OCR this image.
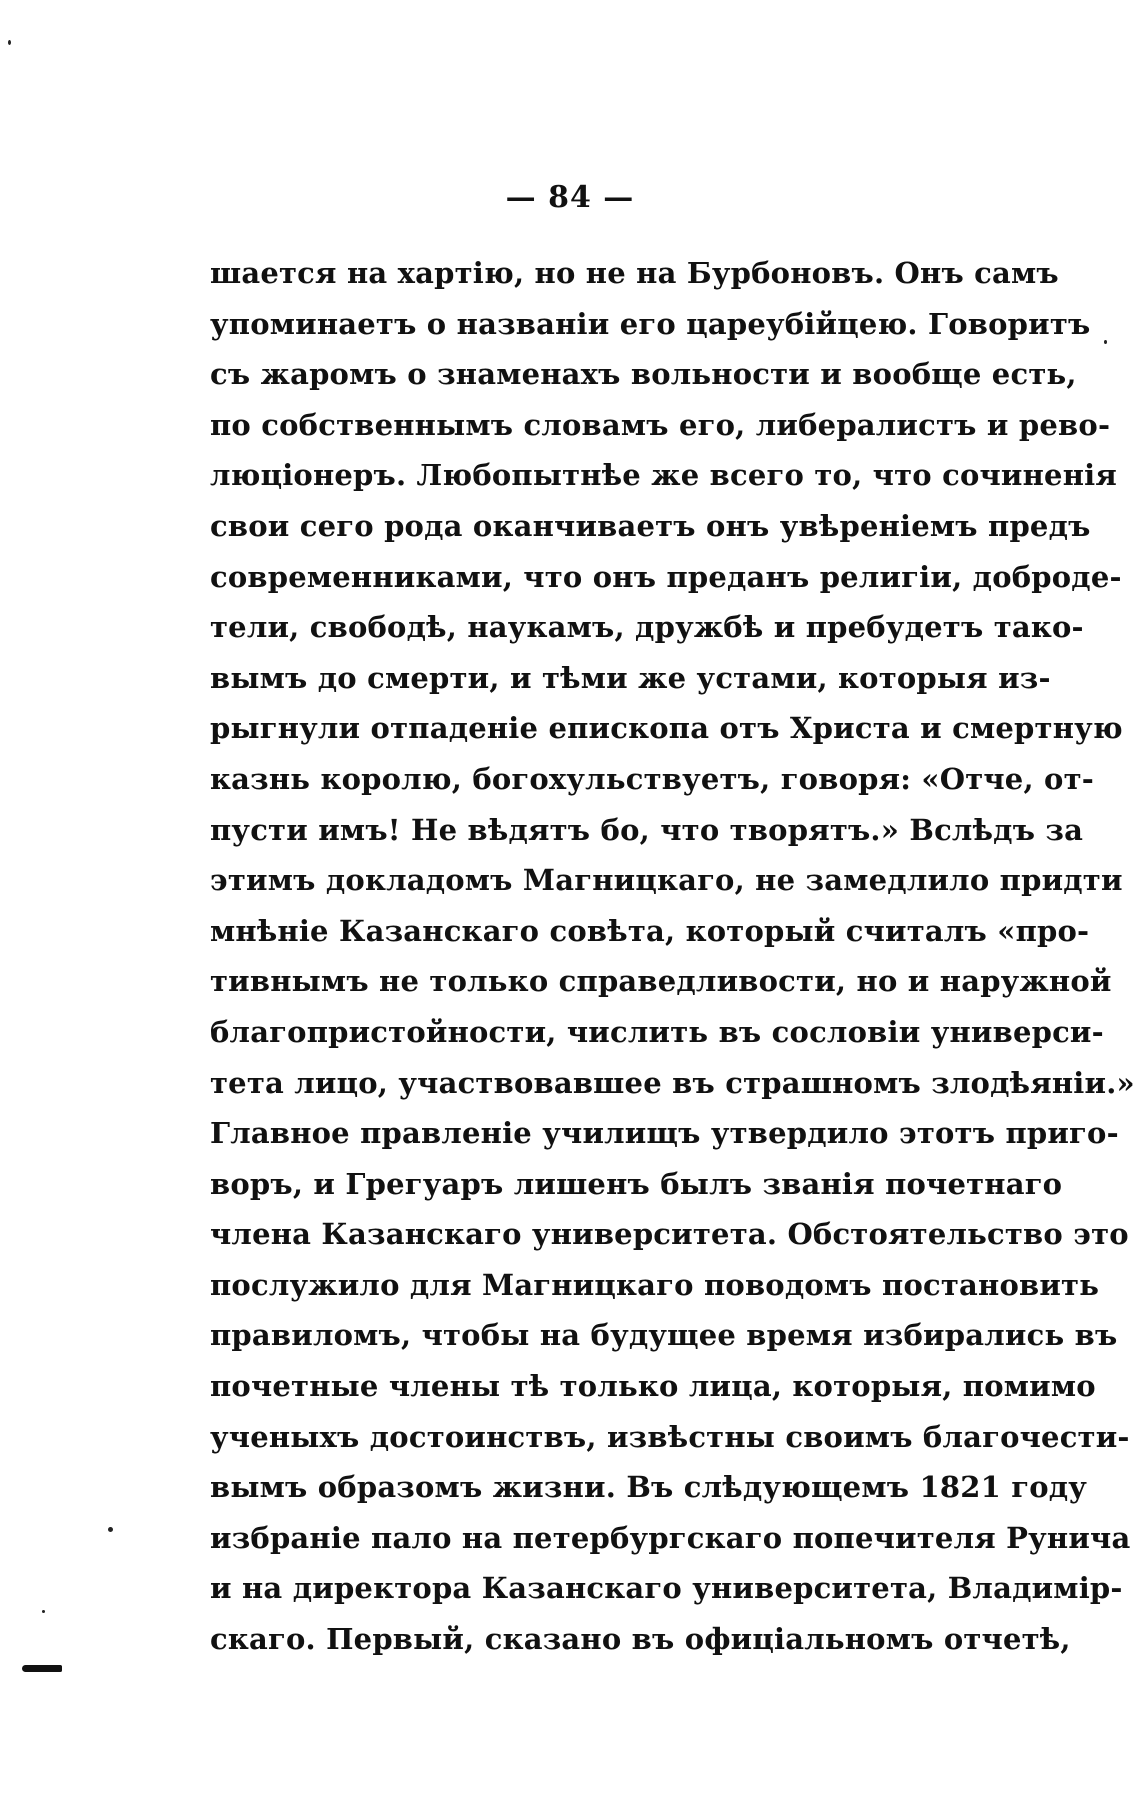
— 84 —
шается на хартію, но не на Бурбоновъ. Онъ самъ
упоминаетъ о названіи его цареубійцею. Говоритъ
съ жаромъ о знаменахъ вольности и вообще есть,
по собственнымъ словамъ его, либералистъ и рево-
люціонеръ. Любопытнѣе же всего то, что сочиненія
свои сего рода оканчиваетъ онъ увѣреніемъ предъ
современниками, что онъ преданъ религіи, доброде-
тели, свободѣ, наукамъ, дружбѣ и пребудетъ тако-
вымъ до смерти, и тѣми же устами, которыя из-
рыгнули отпаденіе епископа отъ Христа и смертную
казнь королю, богохульствуетъ, говоря: «Отче, от-
пусти имъ! Не вѣдятъ бо, что творятъ.» Вслѣдъ за
этимъ докладомъ Магницкаго, не замедлило придти
мнѣніе Казанскаго совѣта, который считалъ «про-
тивнымъ не только справедливости, но и наружной
благопристойности, числить въ сословіи универси-
тета лицо, участвовавшее въ страшномъ злодѣяніи.»
Главное правленіе училищъ утвердило этотъ приго-
воръ, и Грегуаръ лишенъ былъ званія почетнаго
члена Казанскаго университета. Обстоятельство это
послужило для Магницкаго поводомъ постановить
правиломъ, чтобы на будущее время избирались въ
почетные члены тѣ только лица, которыя, помимо
ученыхъ достоинствъ, извѣстны своимъ благочести-
вымъ образомъ жизни. Въ слѣдующемъ 1821 году
избраніе пало на петербургскаго попечителя Рунича
и на директора Казанскаго университета, Владимір-
скаго. Первый, сказано въ офиціальномъ отчетѣ,
